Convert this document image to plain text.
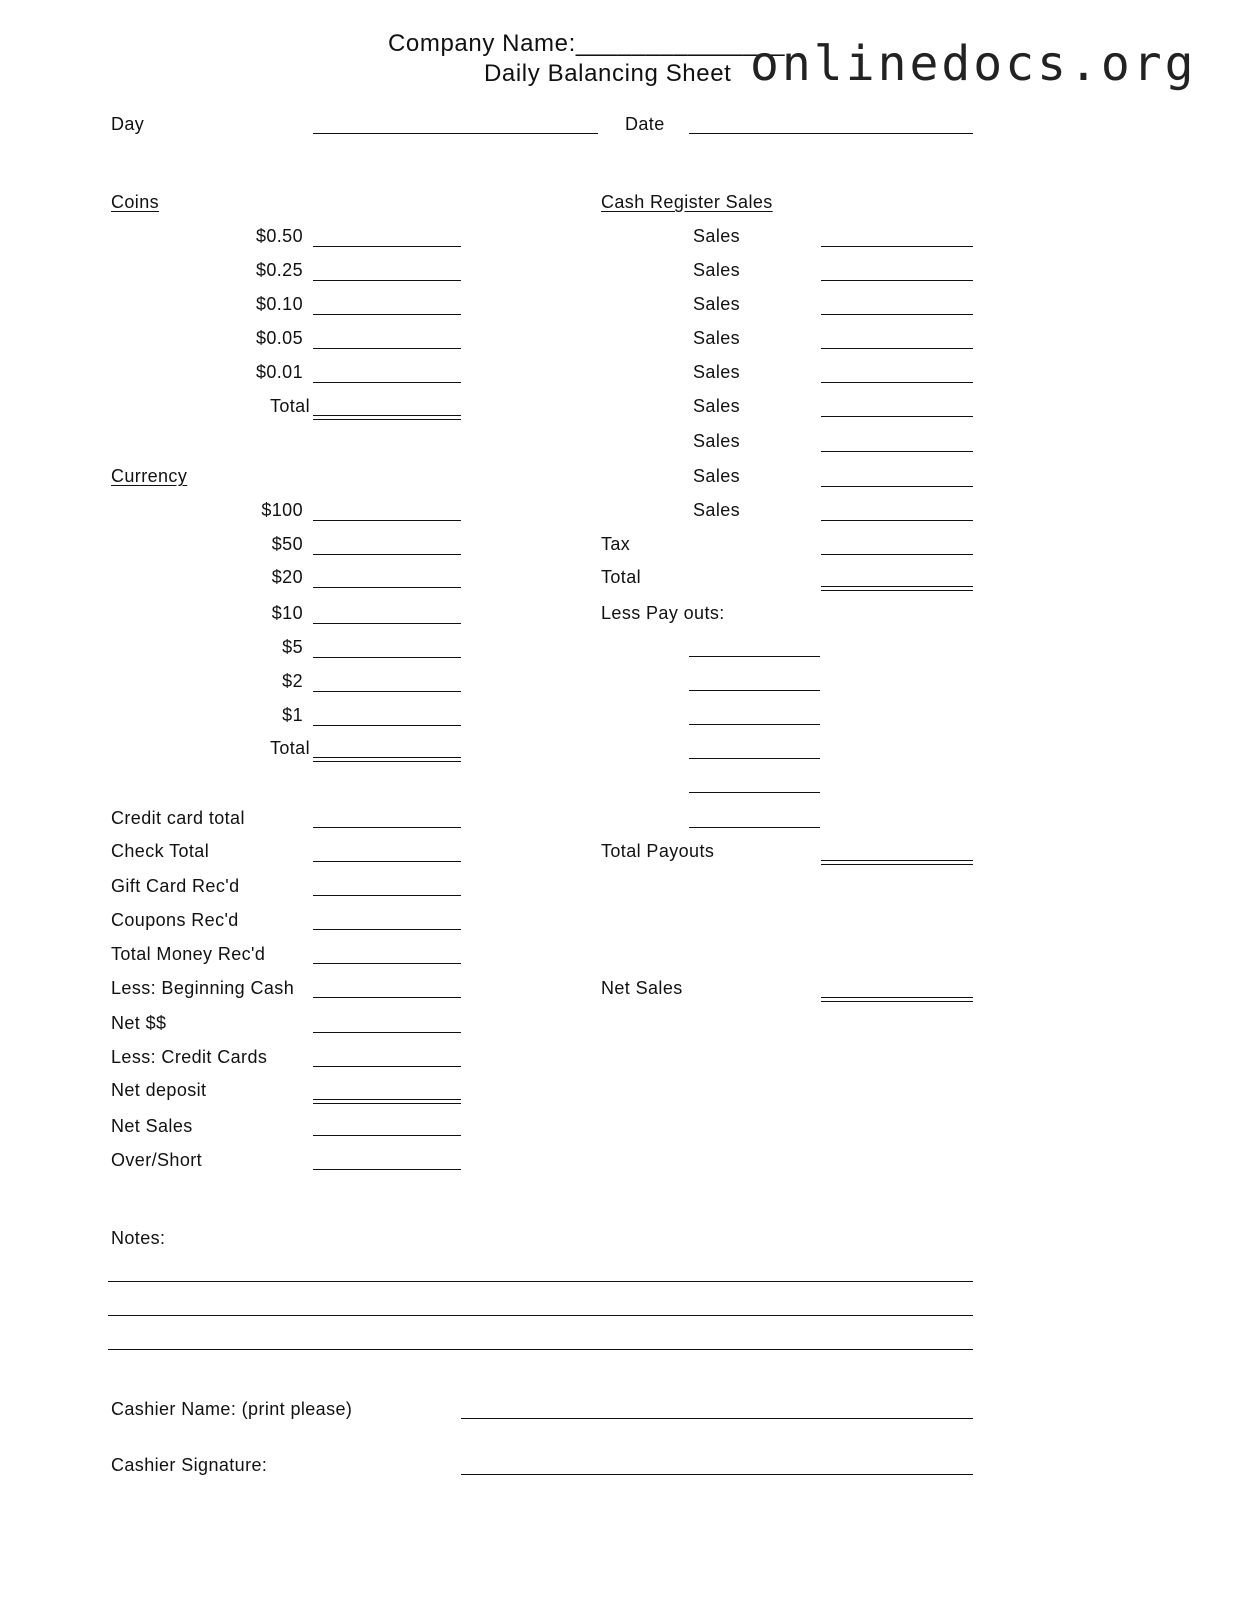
Company Name:_______________
Daily Balancing Sheet onlinedocs.org
Day	Date
Coins
$0.50
$0.25
$0.10
$0.05
$0.01
Total
Currency
$100
$50
$20
$10
$5
$2
$1
Total
Credit card total
Check Total
Gift Card Rec'd
Coupons Rec'd
Total Money Rec'd
Less: Beginning Cash
Net $$
Less: Credit Cards
Net deposit
Net Sales
Over/Short
Cash Register Sales
Sales
Sales
Sales
Sales
Sales
Sales
Sales
Sales
Sales
Tax
Total
Less Pay outs:
Total Payouts
Net Sales
Notes:
Cashier Name: (print please)
Cashier Signature:
